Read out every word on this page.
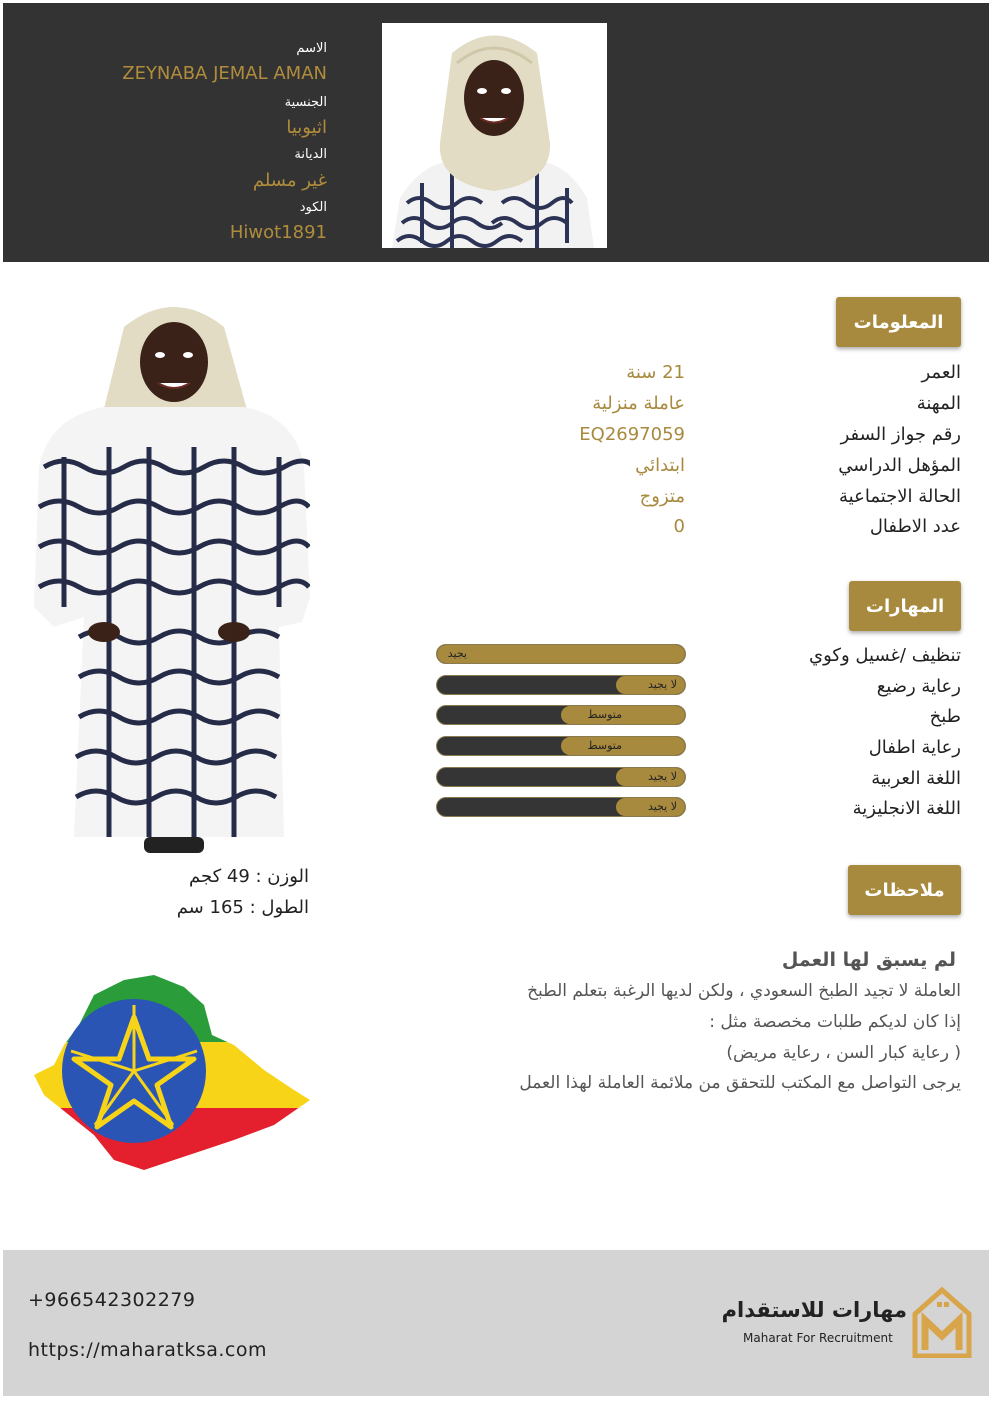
الاسم
ZEYNABA JEMAL AMAN
الجنسية
اثيوبيا
الديانة
غير مسلم
الكود
Hiwot1891
الوزن : 49 كجم
الطول : 165 سم
المعلومات
العمر
21 سنة
المهنة
عاملة منزلية
رقم جواز السفر
EQ2697059
المؤهل الدراسي
ابتدائي
الحالة الاجتماعية
متزوج
عدد الاطفال
0
المهارات
تنظيف /غسيل وكوي
يجيد
رعاية رضيع
لا يجيد
طبخ
متوسط
رعاية اطفال
متوسط
اللغة العربية
لا يجيد
اللغة الانجليزية
لا يجيد
ملاحظات
لم يسبق لها العمل
العاملة لا تجيد الطبخ السعودي ، ولكن لديها الرغبة بتعلم الطبخ
إذا كان لديكم طلبات مخصصة مثل :
( رعاية كبار السن ، رعاية مريض)
يرجى التواصل مع المكتب للتحقق من ملائمة العاملة لهذا العمل
+966542302279
https://maharatksa.com
مهارات للاستقدام
Maharat For Recruitment
